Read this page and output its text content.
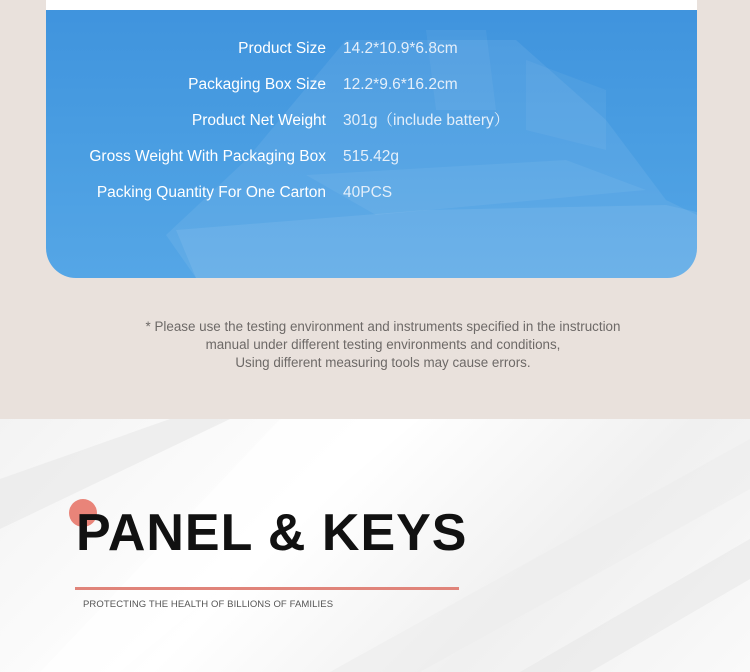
Product Size 14.2*10.9*6.8cm
Packaging Box Size 12.2*9.6*16.2cm
Product Net Weight 301g（include battery）
Gross Weight With Packaging Box 515.42g
Packing Quantity For One Carton 40PCS
* Please use the testing environment and instruments specified in the instruction
manual under different testing environments and conditions,
Using different measuring tools may cause errors.
PANEL & KEYS
PROTECTING THE HEALTH OF BILLIONS OF FAMILIES
